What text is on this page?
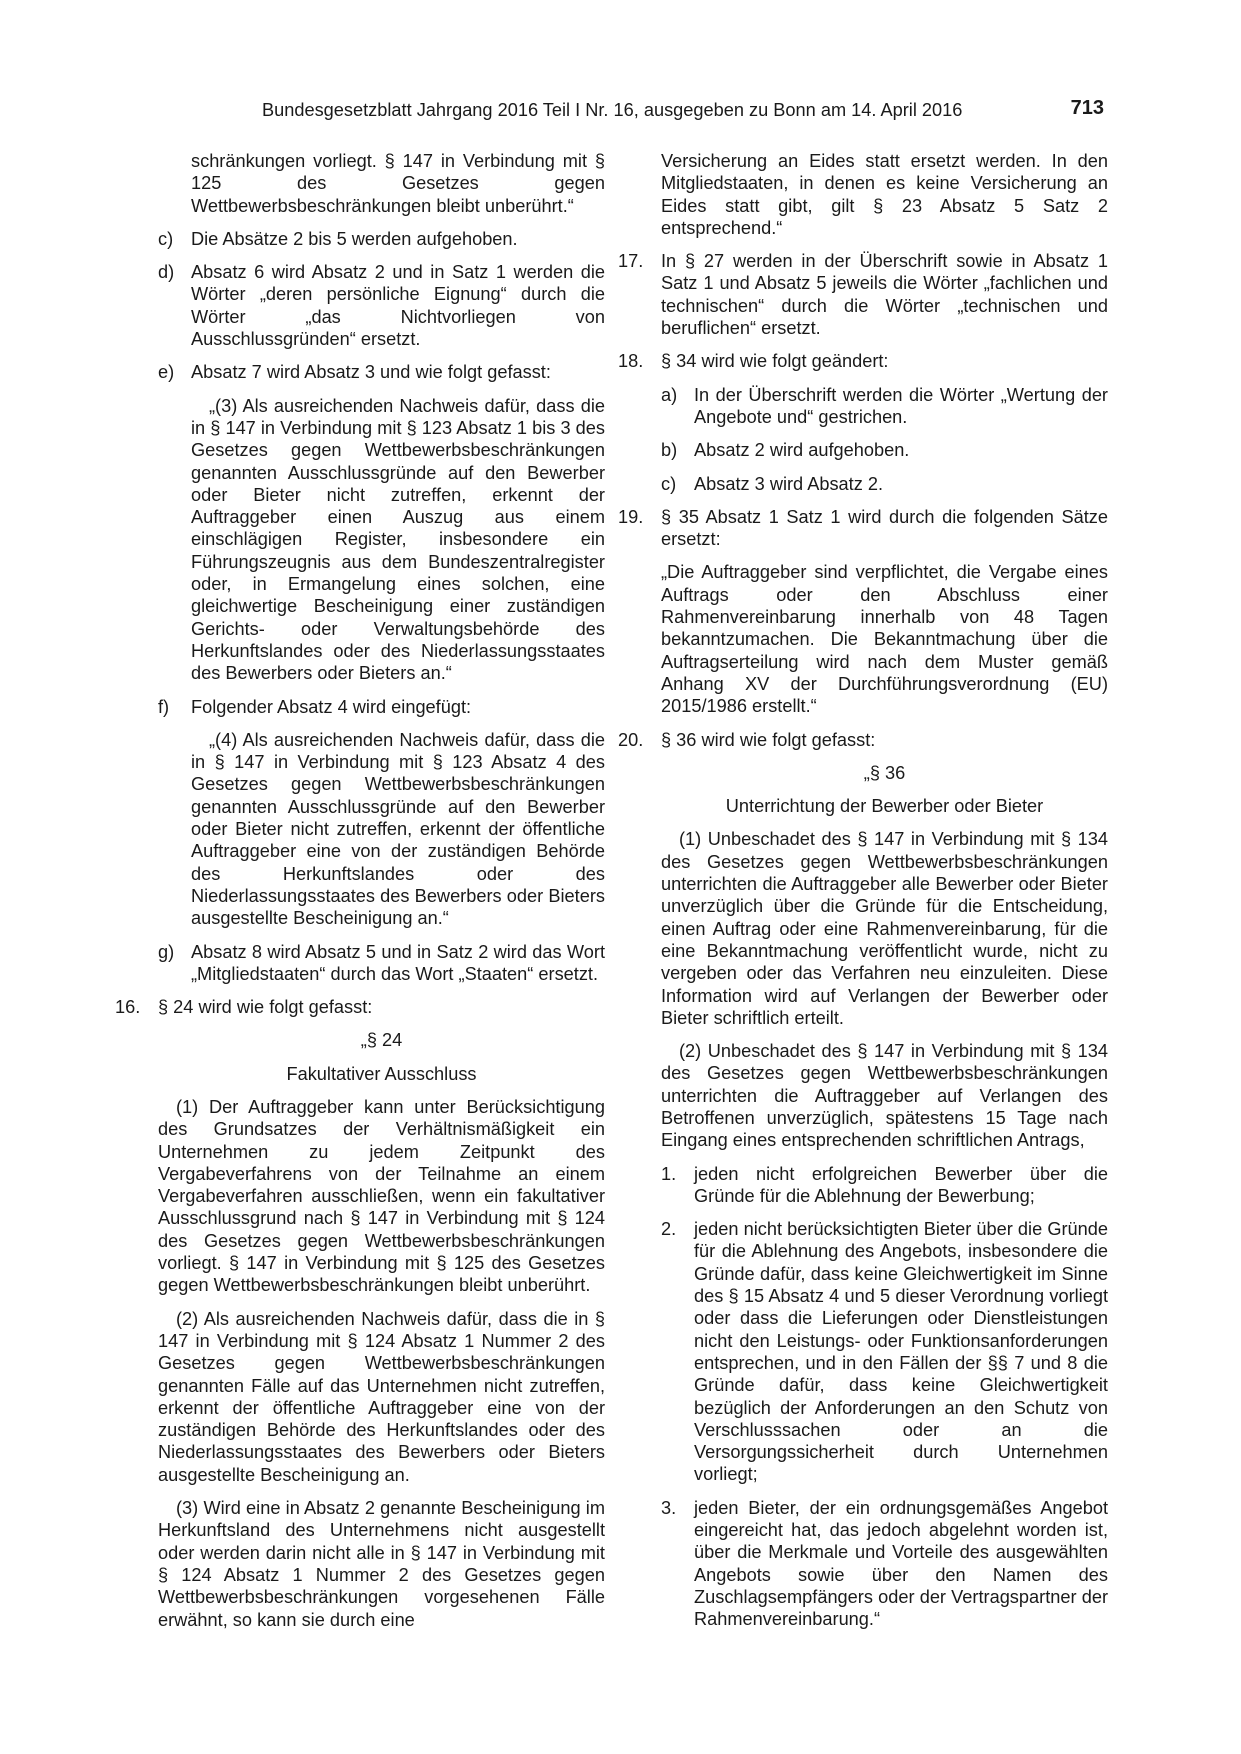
Bundesgesetzblatt Jahrgang 2016 Teil I Nr. 16, ausgegeben zu Bonn am 14. April 2016	713

schränkungen vorliegt. § 147 in Verbindung mit § 125 des Gesetzes gegen Wettbewerbsbeschränkungen bleibt unberührt.“

c) Die Absätze 2 bis 5 werden aufgehoben.

d) Absatz 6 wird Absatz 2 und in Satz 1 werden die Wörter „deren persönliche Eignung“ durch die Wörter „das Nichtvorliegen von Ausschlussgründen“ ersetzt.

e) Absatz 7 wird Absatz 3 und wie folgt gefasst:

„(3) Als ausreichenden Nachweis dafür, dass die in § 147 in Verbindung mit § 123 Absatz 1 bis 3 des Gesetzes gegen Wettbewerbsbeschränkungen genannten Ausschlussgründe auf den Bewerber oder Bieter nicht zutreffen, erkennt der Auftraggeber einen Auszug aus einem einschlägigen Register, insbesondere ein Führungszeugnis aus dem Bundeszentralregister oder, in Ermangelung eines solchen, eine gleichwertige Bescheinigung einer zuständigen Gerichts- oder Verwaltungsbehörde des Herkunftslandes oder des Niederlassungsstaates des Bewerbers oder Bieters an.“

f) Folgender Absatz 4 wird eingefügt:

„(4) Als ausreichenden Nachweis dafür, dass die in § 147 in Verbindung mit § 123 Absatz 4 des Gesetzes gegen Wettbewerbsbeschränkungen genannten Ausschlussgründe auf den Bewerber oder Bieter nicht zutreffen, erkennt der öffentliche Auftraggeber eine von der zuständigen Behörde des Herkunftslandes oder des Niederlassungsstaates des Bewerbers oder Bieters ausgestellte Bescheinigung an.“

g) Absatz 8 wird Absatz 5 und in Satz 2 wird das Wort „Mitgliedstaaten“ durch das Wort „Staaten“ ersetzt.

16. § 24 wird wie folgt gefasst:

„§ 24

Fakultativer Ausschluss

(1) Der Auftraggeber kann unter Berücksichtigung des Grundsatzes der Verhältnismäßigkeit ein Unternehmen zu jedem Zeitpunkt des Vergabeverfahrens von der Teilnahme an einem Vergabeverfahren ausschließen, wenn ein fakultativer Ausschlussgrund nach § 147 in Verbindung mit § 124 des Gesetzes gegen Wettbewerbsbeschränkungen vorliegt. § 147 in Verbindung mit § 125 des Gesetzes gegen Wettbewerbsbeschränkungen bleibt unberührt.

(2) Als ausreichenden Nachweis dafür, dass die in § 147 in Verbindung mit § 124 Absatz 1 Nummer 2 des Gesetzes gegen Wettbewerbsbeschränkungen genannten Fälle auf das Unternehmen nicht zutreffen, erkennt der öffentliche Auftraggeber eine von der zuständigen Behörde des Herkunftslandes oder des Niederlassungsstaates des Bewerbers oder Bieters ausgestellte Bescheinigung an.

(3) Wird eine in Absatz 2 genannte Bescheinigung im Herkunftsland des Unternehmens nicht ausgestellt oder werden darin nicht alle in § 147 in Verbindung mit § 124 Absatz 1 Nummer 2 des Gesetzes gegen Wettbewerbsbeschränkungen vorgesehenen Fälle erwähnt, so kann sie durch eine

Versicherung an Eides statt ersetzt werden. In den Mitgliedstaaten, in denen es keine Versicherung an Eides statt gibt, gilt § 23 Absatz 5 Satz 2 entsprechend.“

17. In § 27 werden in der Überschrift sowie in Absatz 1 Satz 1 und Absatz 5 jeweils die Wörter „fachlichen und technischen“ durch die Wörter „technischen und beruflichen“ ersetzt.

18. § 34 wird wie folgt geändert:

a) In der Überschrift werden die Wörter „Wertung der Angebote und“ gestrichen.

b) Absatz 2 wird aufgehoben.

c) Absatz 3 wird Absatz 2.

19. § 35 Absatz 1 Satz 1 wird durch die folgenden Sätze ersetzt:

„Die Auftraggeber sind verpflichtet, die Vergabe eines Auftrags oder den Abschluss einer Rahmenvereinbarung innerhalb von 48 Tagen bekanntzumachen. Die Bekanntmachung über die Auftragserteilung wird nach dem Muster gemäß Anhang XV der Durchführungsverordnung (EU) 2015/1986 erstellt.“

20. § 36 wird wie folgt gefasst:

„§ 36

Unterrichtung der Bewerber oder Bieter

(1) Unbeschadet des § 147 in Verbindung mit § 134 des Gesetzes gegen Wettbewerbsbeschränkungen unterrichten die Auftraggeber alle Bewerber oder Bieter unverzüglich über die Gründe für die Entscheidung, einen Auftrag oder eine Rahmenvereinbarung, für die eine Bekanntmachung veröffentlicht wurde, nicht zu vergeben oder das Verfahren neu einzuleiten. Diese Information wird auf Verlangen der Bewerber oder Bieter schriftlich erteilt.

(2) Unbeschadet des § 147 in Verbindung mit § 134 des Gesetzes gegen Wettbewerbsbeschränkungen unterrichten die Auftraggeber auf Verlangen des Betroffenen unverzüglich, spätestens 15 Tage nach Eingang eines entsprechenden schriftlichen Antrags,

1. jeden nicht erfolgreichen Bewerber über die Gründe für die Ablehnung der Bewerbung;

2. jeden nicht berücksichtigten Bieter über die Gründe für die Ablehnung des Angebots, insbesondere die Gründe dafür, dass keine Gleichwertigkeit im Sinne des § 15 Absatz 4 und 5 dieser Verordnung vorliegt oder dass die Lieferungen oder Dienstleistungen nicht den Leistungs- oder Funktionsanforderungen entsprechen, und in den Fällen der §§ 7 und 8 die Gründe dafür, dass keine Gleichwertigkeit bezüglich der Anforderungen an den Schutz von Verschlusssachen oder an die Versorgungssicherheit durch Unternehmen vorliegt;

3. jeden Bieter, der ein ordnungsgemäßes Angebot eingereicht hat, das jedoch abgelehnt worden ist, über die Merkmale und Vorteile des ausgewählten Angebots sowie über den Namen des Zuschlagsempfängers oder der Vertragspartner der Rahmenvereinbarung.“
